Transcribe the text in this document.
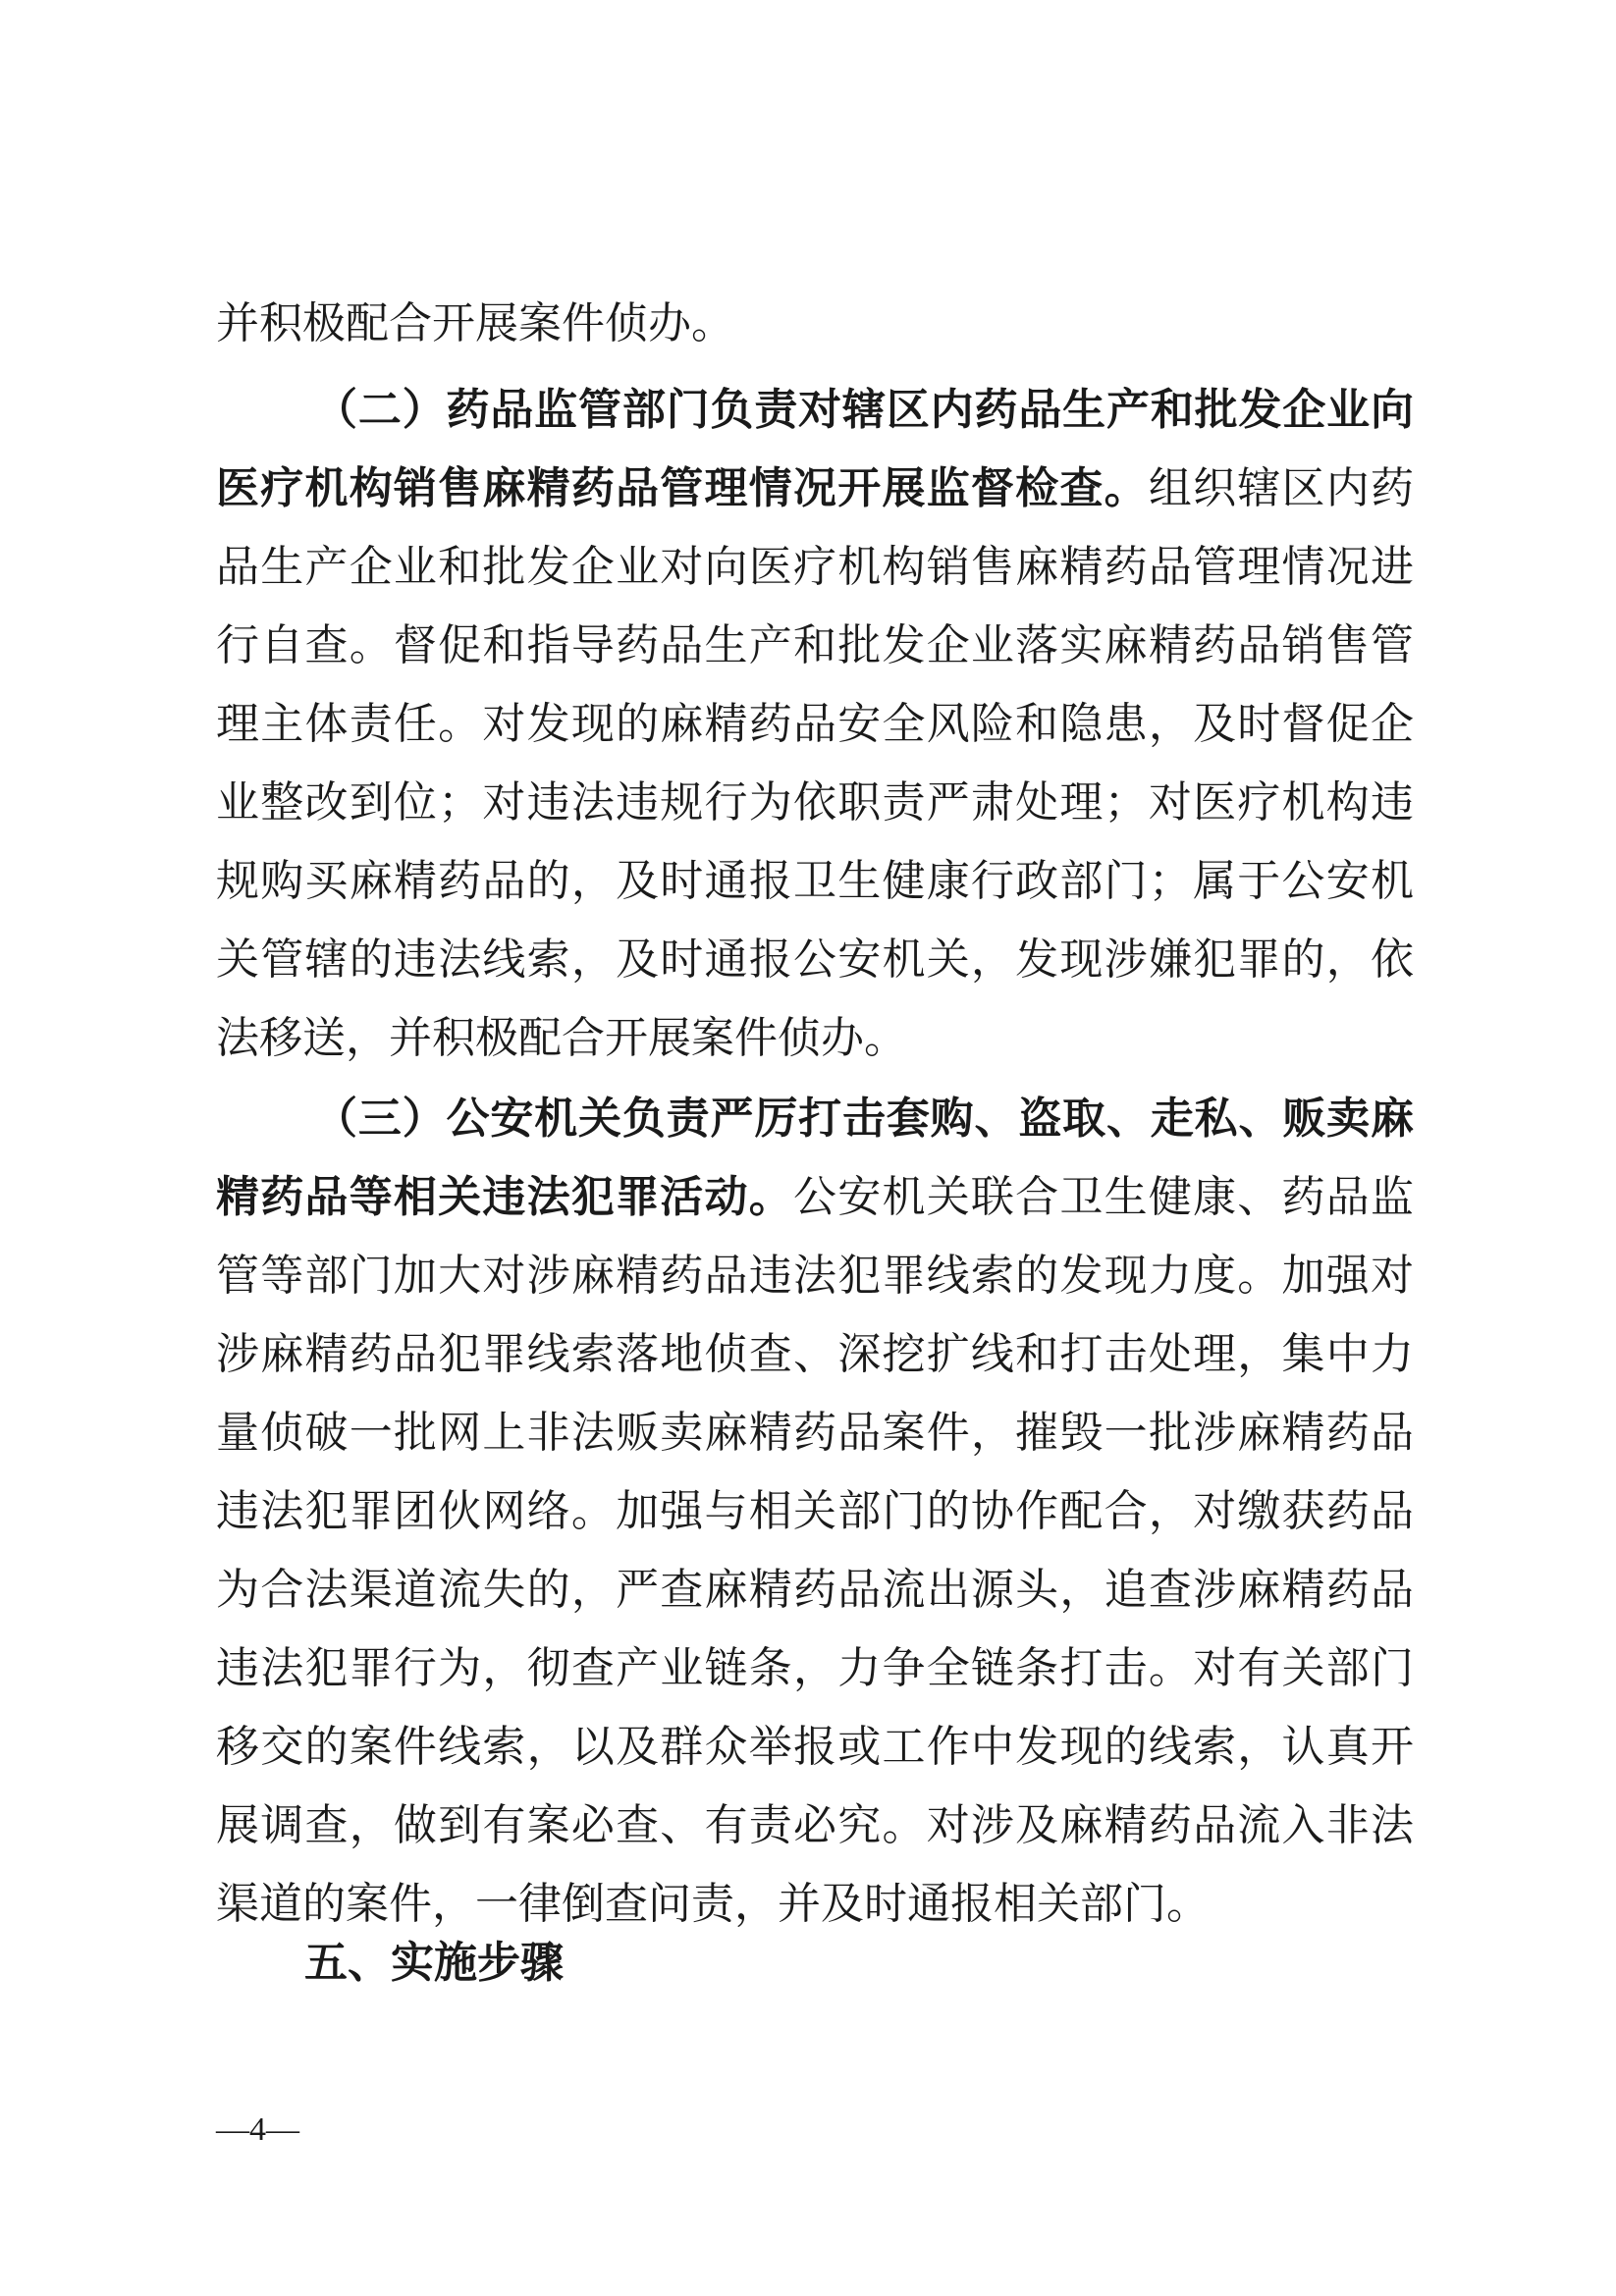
并积极配合开展案件侦办。
（二）药品监管部门负责对辖区内药品生产和批发企业向
医疗机构销售麻精药品管理情况开展监督检查。组织辖区内药
品生产企业和批发企业对向医疗机构销售麻精药品管理情况进
行自查。督促和指导药品生产和批发企业落实麻精药品销售管
理主体责任。对发现的麻精药品安全风险和隐患，及时督促企
业整改到位；对违法违规行为依职责严肃处理；对医疗机构违
规购买麻精药品的，及时通报卫生健康行政部门；属于公安机
关管辖的违法线索，及时通报公安机关，发现涉嫌犯罪的，依
法移送，并积极配合开展案件侦办。
（三）公安机关负责严厉打击套购、盗取、走私、贩卖麻
精药品等相关违法犯罪活动。公安机关联合卫生健康、药品监
管等部门加大对涉麻精药品违法犯罪线索的发现力度。加强对
涉麻精药品犯罪线索落地侦查、深挖扩线和打击处理，集中力
量侦破一批网上非法贩卖麻精药品案件，摧毁一批涉麻精药品
违法犯罪团伙网络。加强与相关部门的协作配合，对缴获药品
为合法渠道流失的，严查麻精药品流出源头，追查涉麻精药品
违法犯罪行为，彻查产业链条，力争全链条打击。对有关部门
移交的案件线索，以及群众举报或工作中发现的线索，认真开
展调查，做到有案必查、有责必究。对涉及麻精药品流入非法
渠道的案件，一律倒查问责，并及时通报相关部门。
五、实施步骤
—4—
